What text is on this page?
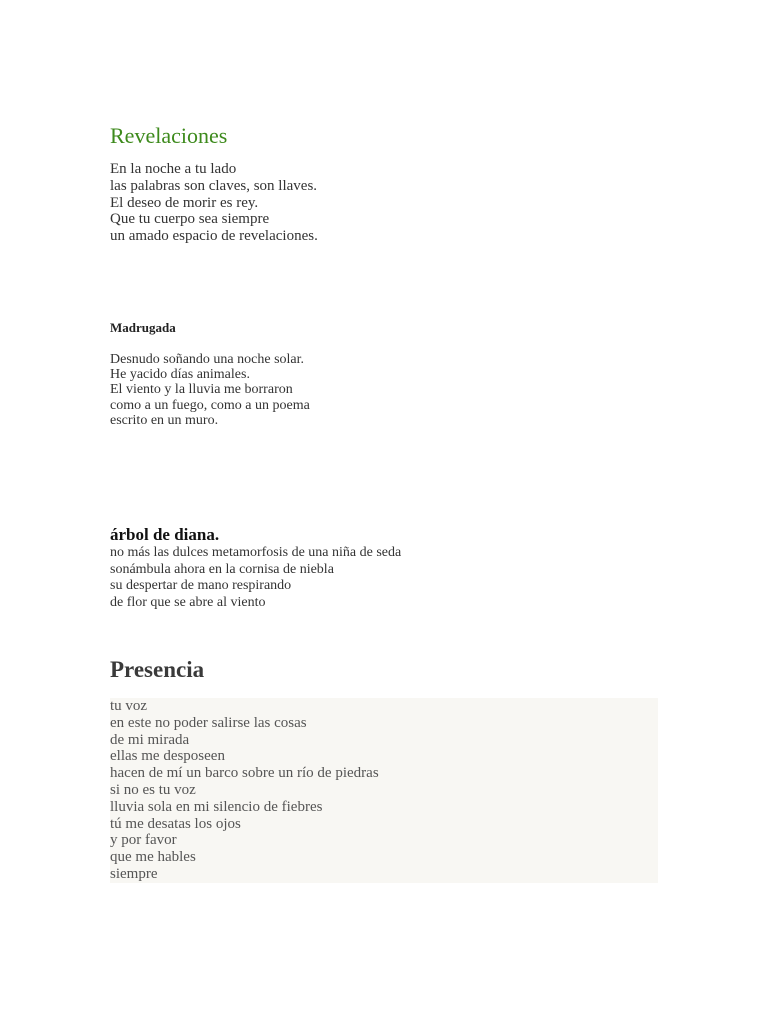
Revelaciones
En la noche a tu lado
las palabras son claves, son llaves.
El deseo de morir es rey.
Que tu cuerpo sea siempre
un amado espacio de revelaciones.
Madrugada
Desnudo soñando una noche solar.
He yacido días animales.
El viento y la lluvia me borraron
como a un fuego, como a un poema
escrito en un muro.
árbol de diana.
no más las dulces metamorfosis de una niña de seda
sonámbula ahora en la cornisa de niebla
su despertar de mano respirando
de flor que se abre al viento
Presencia
tu voz
en este no poder salirse las cosas
de mi mirada
ellas me desposeen
hacen de mí un barco sobre un río de piedras
si no es tu voz
lluvia sola en mi silencio de fiebres
tú me desatas los ojos
y por favor
que me hables
siempre
